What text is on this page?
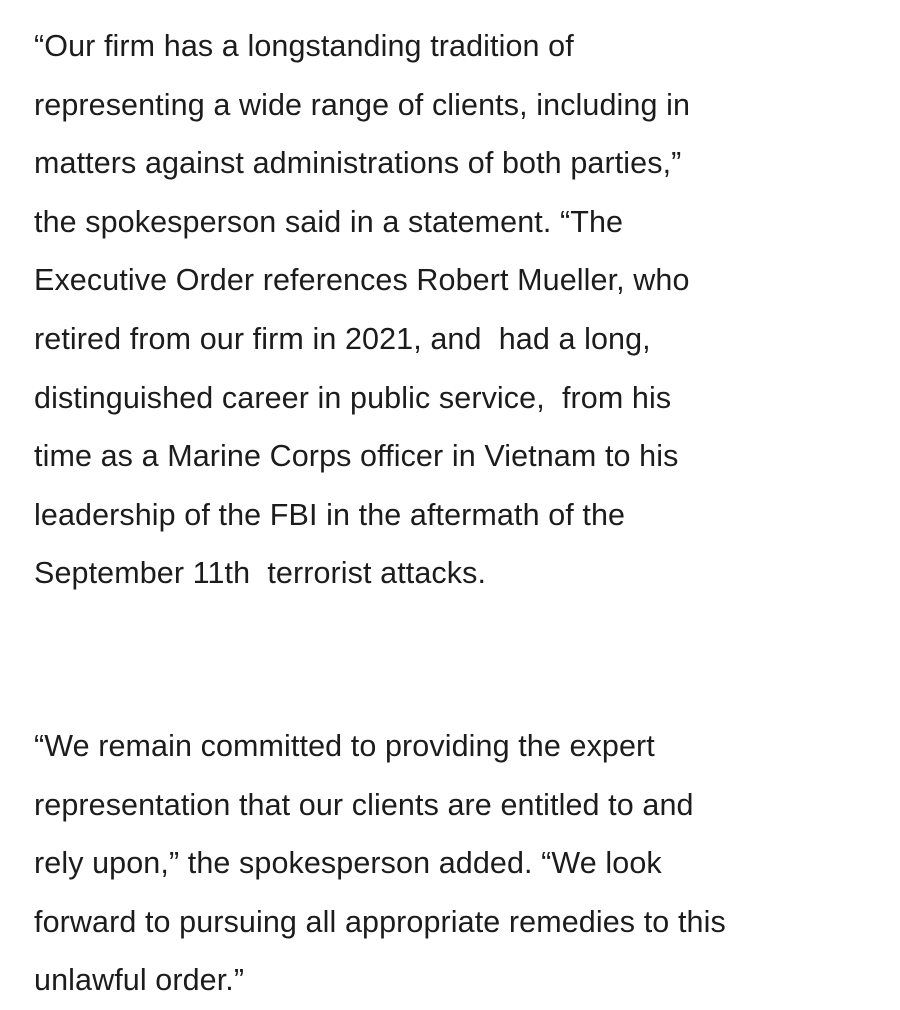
“Our firm has a longstanding tradition of
representing a wide range of clients, including in
matters against administrations of both parties,”
the spokesperson said in a statement. “The
Executive Order references Robert Mueller, who
retired from our firm in 2021, and  had a long,
distinguished career in public service,  from his
time as a Marine Corps officer in Vietnam to his
leadership of the FBI in the aftermath of the
September 11th  terrorist attacks.

“We remain committed to providing the expert
representation that our clients are entitled to and
rely upon,” the spokesperson added. “We look
forward to pursuing all appropriate remedies to this
unlawful order.”
